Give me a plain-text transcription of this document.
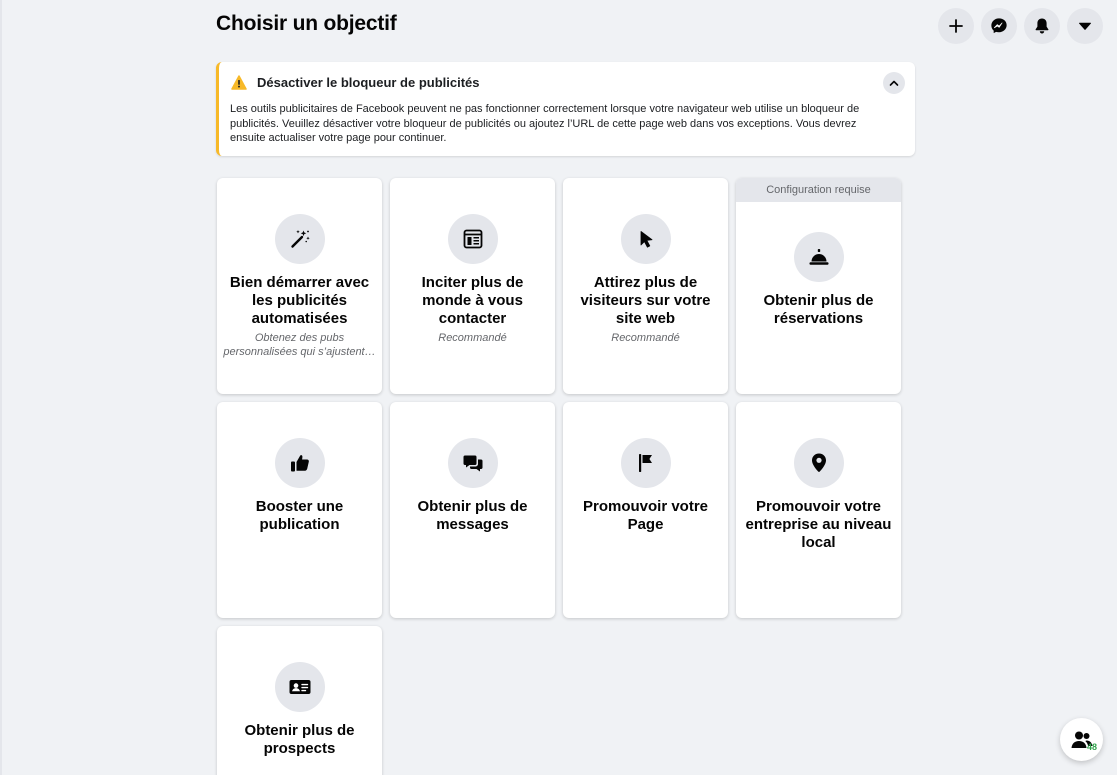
Choisir un objectif
Désactiver le bloqueur de publicités
Les outils publicitaires de Facebook peuvent ne pas fonctionner correctement lorsque votre navigateur web utilise un bloqueur de publicités. Veuillez désactiver votre bloqueur de publicités ou ajoutez l’URL de cette page web dans vos exceptions. Vous devrez ensuite actualiser votre page pour continuer.
Bien démarrer avec les publicités automatisées
Obtenez des pubs personnalisées qui s’ajustent…
Inciter plus de monde à vous contacter
Recommandé
Attirez plus de visiteurs sur votre site web
Recommandé
Configuration requise
Obtenir plus de réservations
Booster une publication
Obtenir plus de messages
Promouvoir votre Page
Promouvoir votre entreprise au niveau local
Obtenir plus de prospects	48
